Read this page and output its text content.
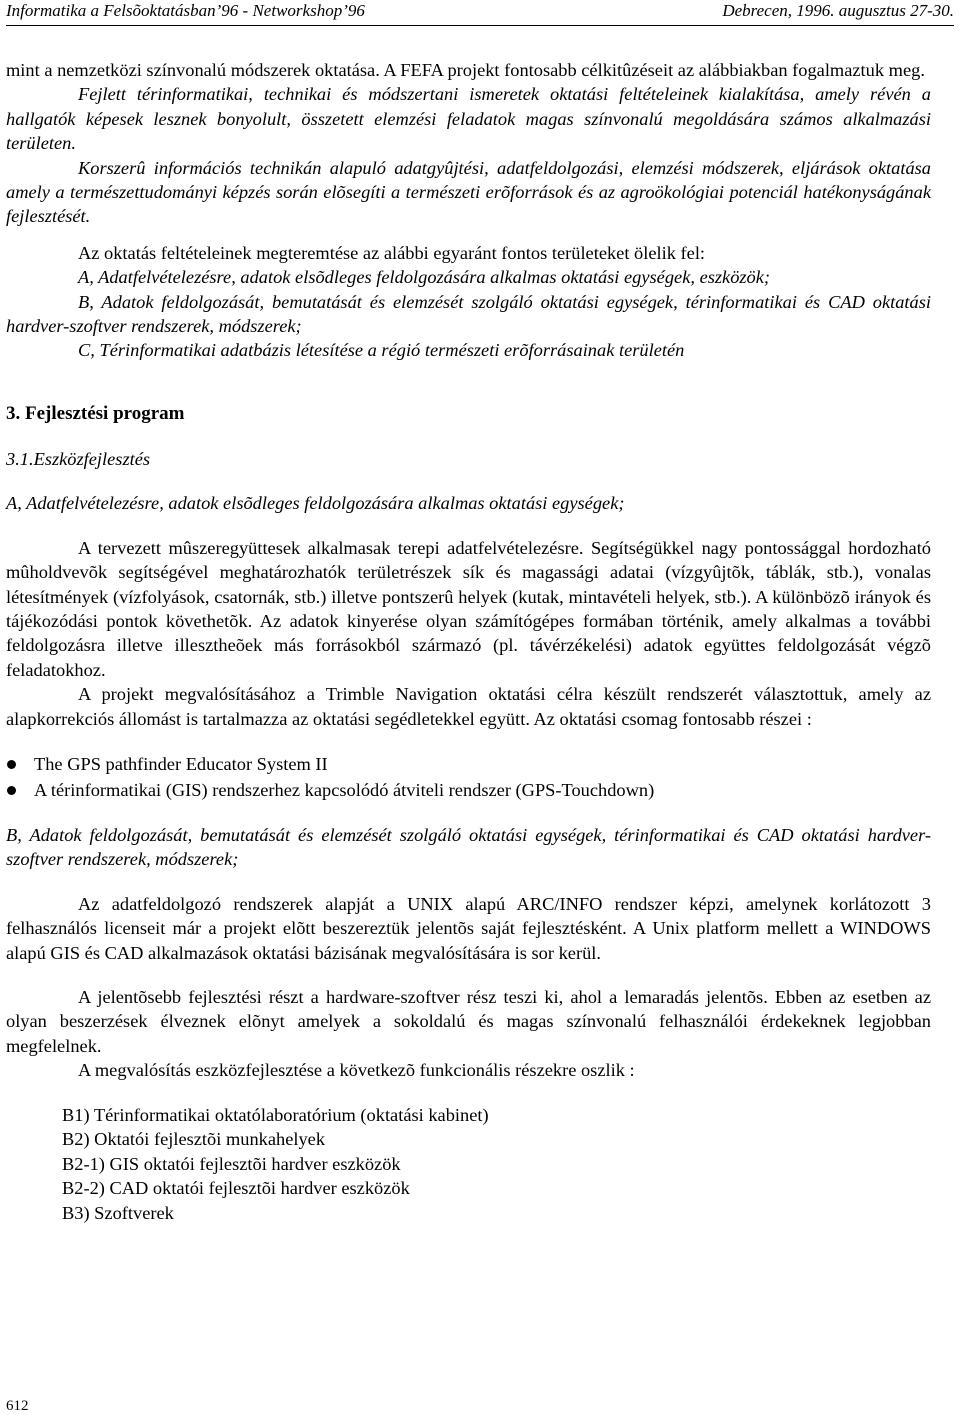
Informatika a Felsõoktatásban’96 - Networkshop’96	Debrecen, 1996. augusztus 27-30.

mint a nemzetközi színvonalú módszerek oktatása. A FEFA projekt fontosabb célkitûzéseit az alábbiakban fogalmaztuk meg.

Fejlett térinformatikai, technikai és módszertani ismeretek oktatási feltételeinek kialakítása, amely révén a hallgatók képesek lesznek bonyolult, összetett elemzési feladatok magas színvonalú megoldására számos alkalmazási területen.

Korszerû információs technikán alapuló adatgyûjtési, adatfeldolgozási, elemzési módszerek, eljárások oktatása amely a természettudományi képzés során elõsegíti a természeti erõforrások és az agroökológiai potenciál hatékonyságának fejlesztését.

Az oktatás feltételeinek megteremtése az alábbi egyaránt fontos területeket ölelik fel:

A, Adatfelvételezésre, adatok elsõdleges feldolgozására alkalmas oktatási egységek, eszközök;

B, Adatok feldolgozását, bemutatását és elemzését szolgáló oktatási egységek, térinformatikai és CAD oktatási hardver-szoftver rendszerek, módszerek;

C, Térinformatikai adatbázis létesítése a régió természeti erõforrásainak területén

3. Fejlesztési program

3.1.Eszközfejlesztés

A, Adatfelvételezésre, adatok elsõdleges feldolgozására alkalmas oktatási egységek;

A tervezett mûszeregyüttesek alkalmasak terepi adatfelvételezésre. Segítségükkel nagy pontossággal hordozható mûholdvevõk segítségével meghatározhatók területrészek sík és magassági adatai (vízgyûjtõk, táblák, stb.), vonalas létesítmények (vízfolyások, csatornák, stb.) illetve pontszerû helyek (kutak, mintavételi helyek, stb.). A különbözõ irányok és tájékozódási pontok követhetõk. Az adatok kinyerése olyan számítógépes formában történik, amely alkalmas a további feldolgozásra illetve illesztheõek más forrásokból származó (pl. távérzékelési) adatok együttes feldolgozását végzõ feladatokhoz.

A projekt megvalósításához a Trimble Navigation oktatási célra készült rendszerét választottuk, amely az alapkorrekciós állomást is tartalmazza az oktatási segédletekkel együtt. Az oktatási csomag fontosabb részei :

The GPS pathfinder Educator System II
A térinformatikai (GIS) rendszerhez kapcsolódó átviteli rendszer (GPS-Touchdown)

B, Adatok feldolgozását, bemutatását és elemzését szolgáló oktatási egységek, térinformatikai és CAD oktatási hardver-szoftver rendszerek, módszerek;

Az adatfeldolgozó rendszerek alapját a UNIX alapú ARC/INFO rendszer képzi, amelynek korlátozott 3 felhasználós licenseit már a projekt elõtt beszereztük jelentõs saját fejlesztésként. A Unix platform mellett a WINDOWS alapú GIS és CAD alkalmazások oktatási bázisának megvalósítására is sor kerül.

A jelentõsebb fejlesztési részt a hardware-szoftver rész teszi ki, ahol a lemaradás jelentõs. Ebben az esetben az olyan beszerzések élveznek elõnyt amelyek a sokoldalú és magas színvonalú felhasználói érdekeknek legjobban megfelelnek.

A megvalósítás eszközfejlesztése a következõ funkcionális részekre oszlik :

B1) Térinformatikai oktatólaboratórium (oktatási kabinet)
B2) Oktatói fejlesztõi munkahelyek
B2-1) GIS oktatói fejlesztõi hardver eszközök
B2-2) CAD oktatói fejlesztõi hardver eszközök
B3) Szoftverek
612
